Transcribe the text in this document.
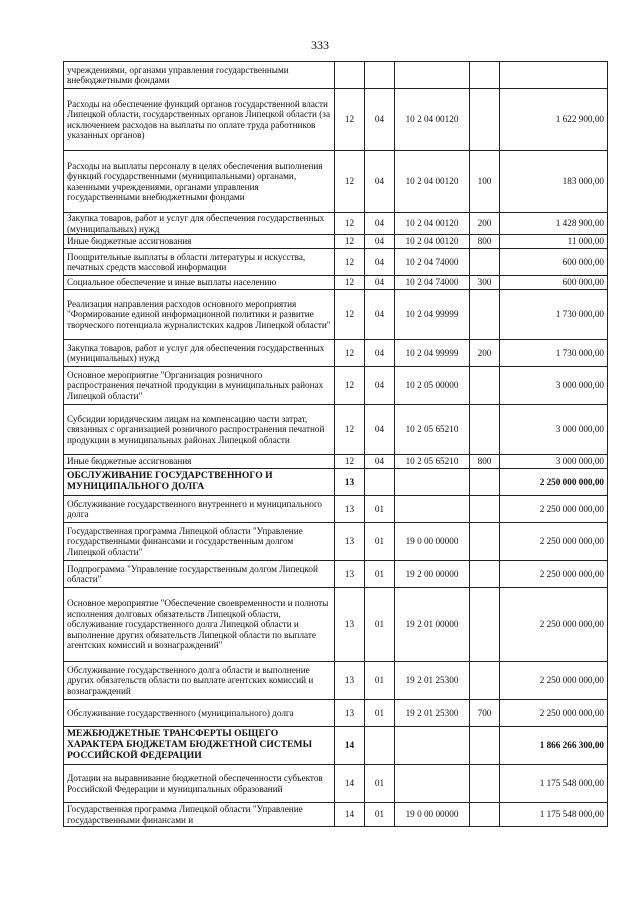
333
учреждениями, органами управления государственными внебюджетными фондами					
Расходы на обеспечение функций органов государственной власти Липецкой области, государственных органов Липецкой области (за исключением расходов на выплаты по оплате труда работников указанных органов)	12	04	10 2 04 00120		1 622 900,00
Расходы на выплаты персоналу в целях обеспечения выполнения функций государственными (муниципальными) органами, казенными учреждениями, органами управления государственными внебюджетными фондами	12	04	10 2 04 00120	100	183 000,00
Закупка товаров, работ и услуг для обеспечения государственных (муниципальных) нужд	12	04	10 2 04 00120	200	1 428 900,00
Иные бюджетные ассигнования	12	04	10 2 04 00120	800	11 000,00
Поощрительные выплаты в области литературы и искусства, печатных средств массовой информации	12	04	10 2 04 74000		600 000,00
Социальное обеспечение и иные выплаты населению	12	04	10 2 04 74000	300	600 000,00
Реализация направления расходов основного мероприятия "Формирование единой информационной политики и развитие творческого потенциала журналистских кадров Липецкой области"	12	04	10 2 04 99999		1 730 000,00
Закупка товаров, работ и услуг для обеспечения государственных (муниципальных) нужд	12	04	10 2 04 99999	200	1 730 000,00
Основное мероприятие "Организация розничного распространения печатной продукции в муниципальных районах Липецкой области"	12	04	10 2 05 00000		3 000 000,00
Субсидии юридическим лицам на компенсацию части затрат, связанных с организацией розничного распространения печатной продукции в муниципальных районах Липецкой области	12	04	10 2 05 65210		3 000 000,00
Иные бюджетные ассигнования	12	04	10 2 05 65210	800	3 000 000,00
ОБСЛУЖИВАНИЕ ГОСУДАРСТВЕННОГО И МУНИЦИПАЛЬНОГО ДОЛГА	13				2 250 000 000,00
Обслуживание государственного внутреннего и муниципального долга	13	01			2 250 000 000,00
Государственная программа Липецкой области "Управление государственными финансами и государственным долгом Липецкой области"	13	01	19 0 00 00000		2 250 000 000,00
Подпрограмма "Управление государственным долгом Липецкой области"	13	01	19 2 00 00000		2 250 000 000,00
Основное мероприятие "Обеспечение своевременности и полноты исполнения долговых обязательств Липецкой области, обслуживание государственного долга Липецкой области и выполнение других обязательств Липецкой области по выплате агентских комиссий и вознаграждений"	13	01	19 2 01 00000		2 250 000 000,00
Обслуживание государственного долга области и выполнение других обязательств области по выплате агентских комиссий и вознаграждений	13	01	19 2 01 25300		2 250 000 000,00
Обслуживание государственного (муниципального) долга	13	01	19 2 01 25300	700	2 250 000 000,00
МЕЖБЮДЖЕТНЫЕ ТРАНСФЕРТЫ ОБЩЕГО ХАРАКТЕРА БЮДЖЕТАМ БЮДЖЕТНОЙ СИСТЕМЫ РОССИЙСКОЙ ФЕДЕРАЦИИ	14				1 866 266 300,00
Дотации на выравнивание бюджетной обеспеченности субъектов Российской Федерации и муниципальных образований	14	01			1 175 548 000,00
Государственная программа Липецкой области "Управление государственными финансами и	14	01	19 0 00 00000		1 175 548 000,00
